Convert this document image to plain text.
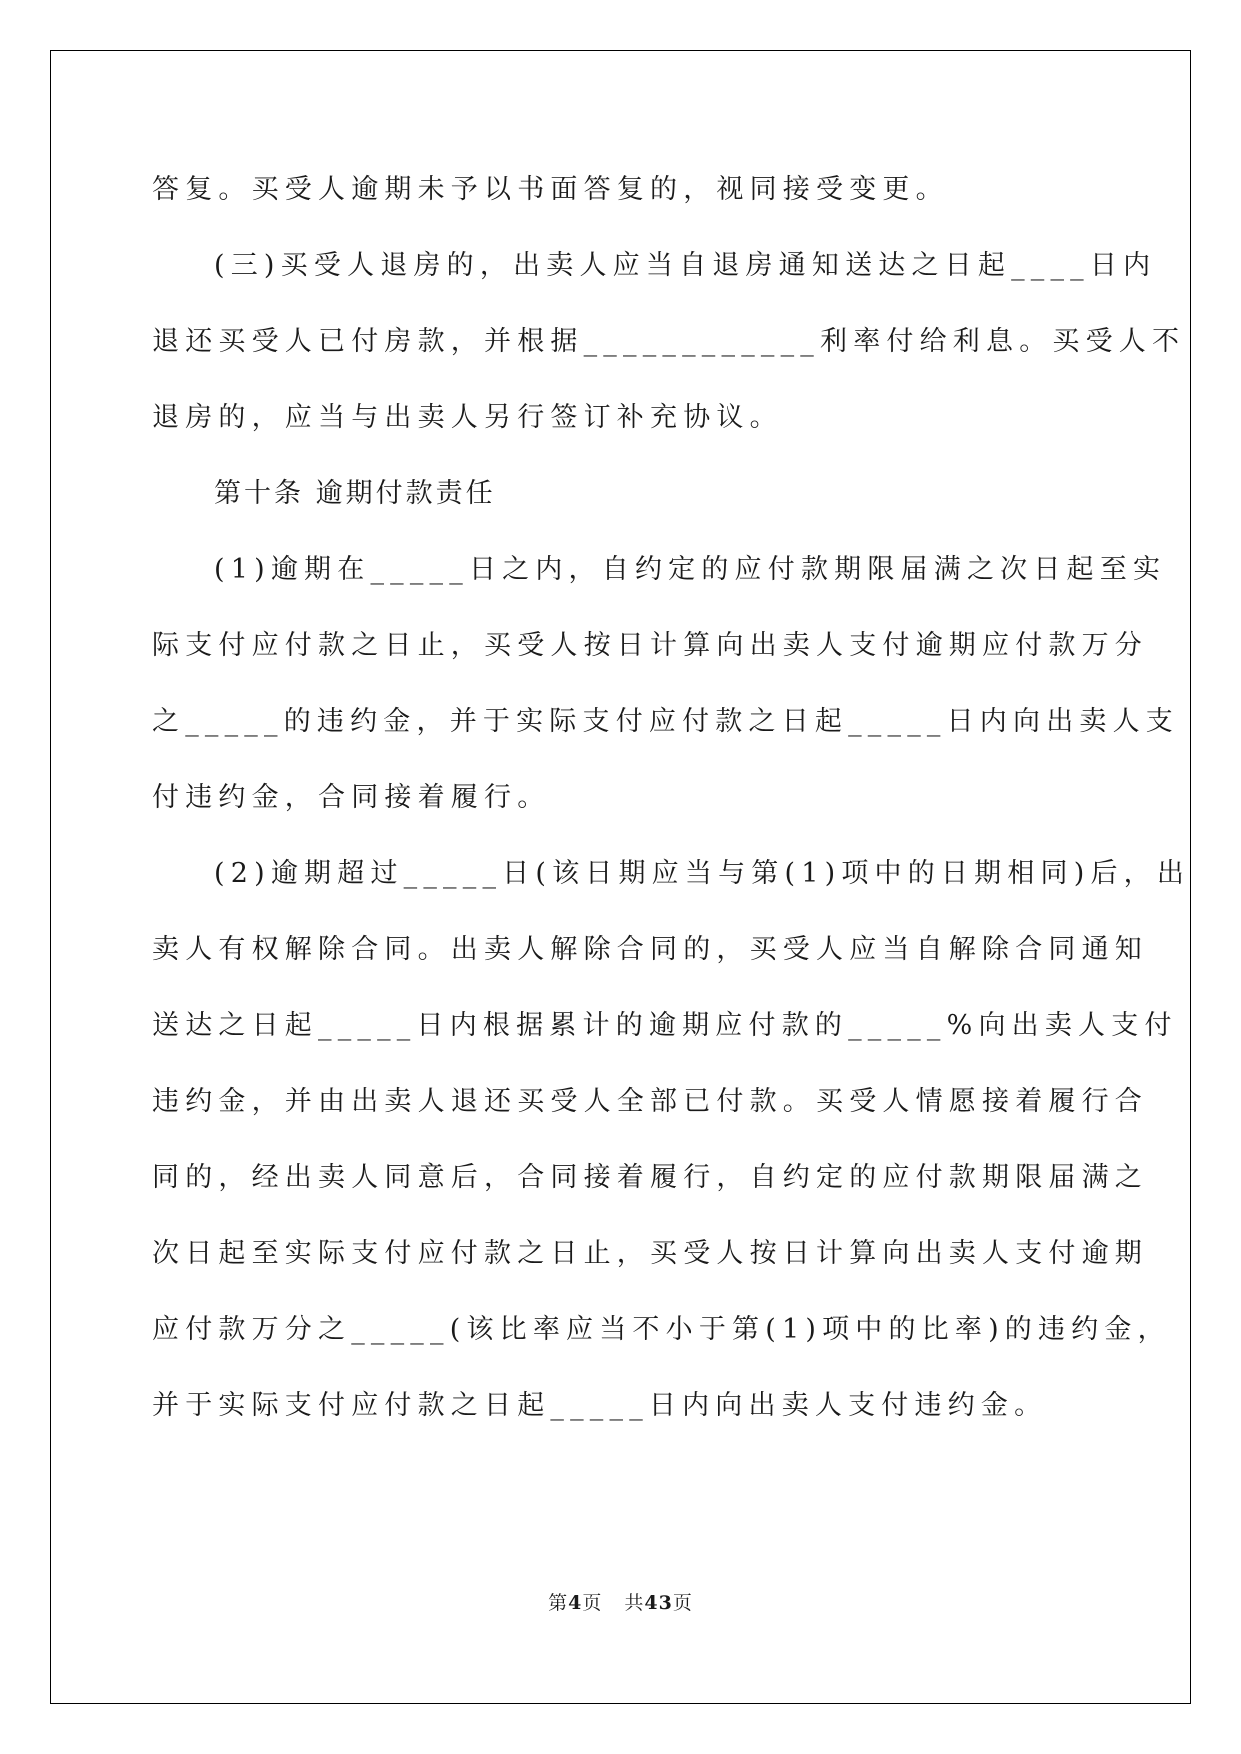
答复。买受人逾期未予以书面答复的，视同接受变更。
(三)买受人退房的，出卖人应当自退房通知送达之日起____日内
退还买受人已付房款，并根据____________利率付给利息。买受人不
退房的，应当与出卖人另行签订补充协议。
第十条 逾期付款责任
(1)逾期在_____日之内，自约定的应付款期限届满之次日起至实
际支付应付款之日止，买受人按日计算向出卖人支付逾期应付款万分
之_____的违约金，并于实际支付应付款之日起_____日内向出卖人支
付违约金，合同接着履行。
(2)逾期超过_____日(该日期应当与第(1)项中的日期相同)后，出
卖人有权解除合同。出卖人解除合同的，买受人应当自解除合同通知
送达之日起_____日内根据累计的逾期应付款的_____%向出卖人支付
违约金，并由出卖人退还买受人全部已付款。买受人情愿接着履行合
同的，经出卖人同意后，合同接着履行，自约定的应付款期限届满之
次日起至实际支付应付款之日止，买受人按日计算向出卖人支付逾期
应付款万分之_____(该比率应当不小于第(1)项中的比率)的违约金，
并于实际支付应付款之日起_____日内向出卖人支付违约金。
第4页 共43页
